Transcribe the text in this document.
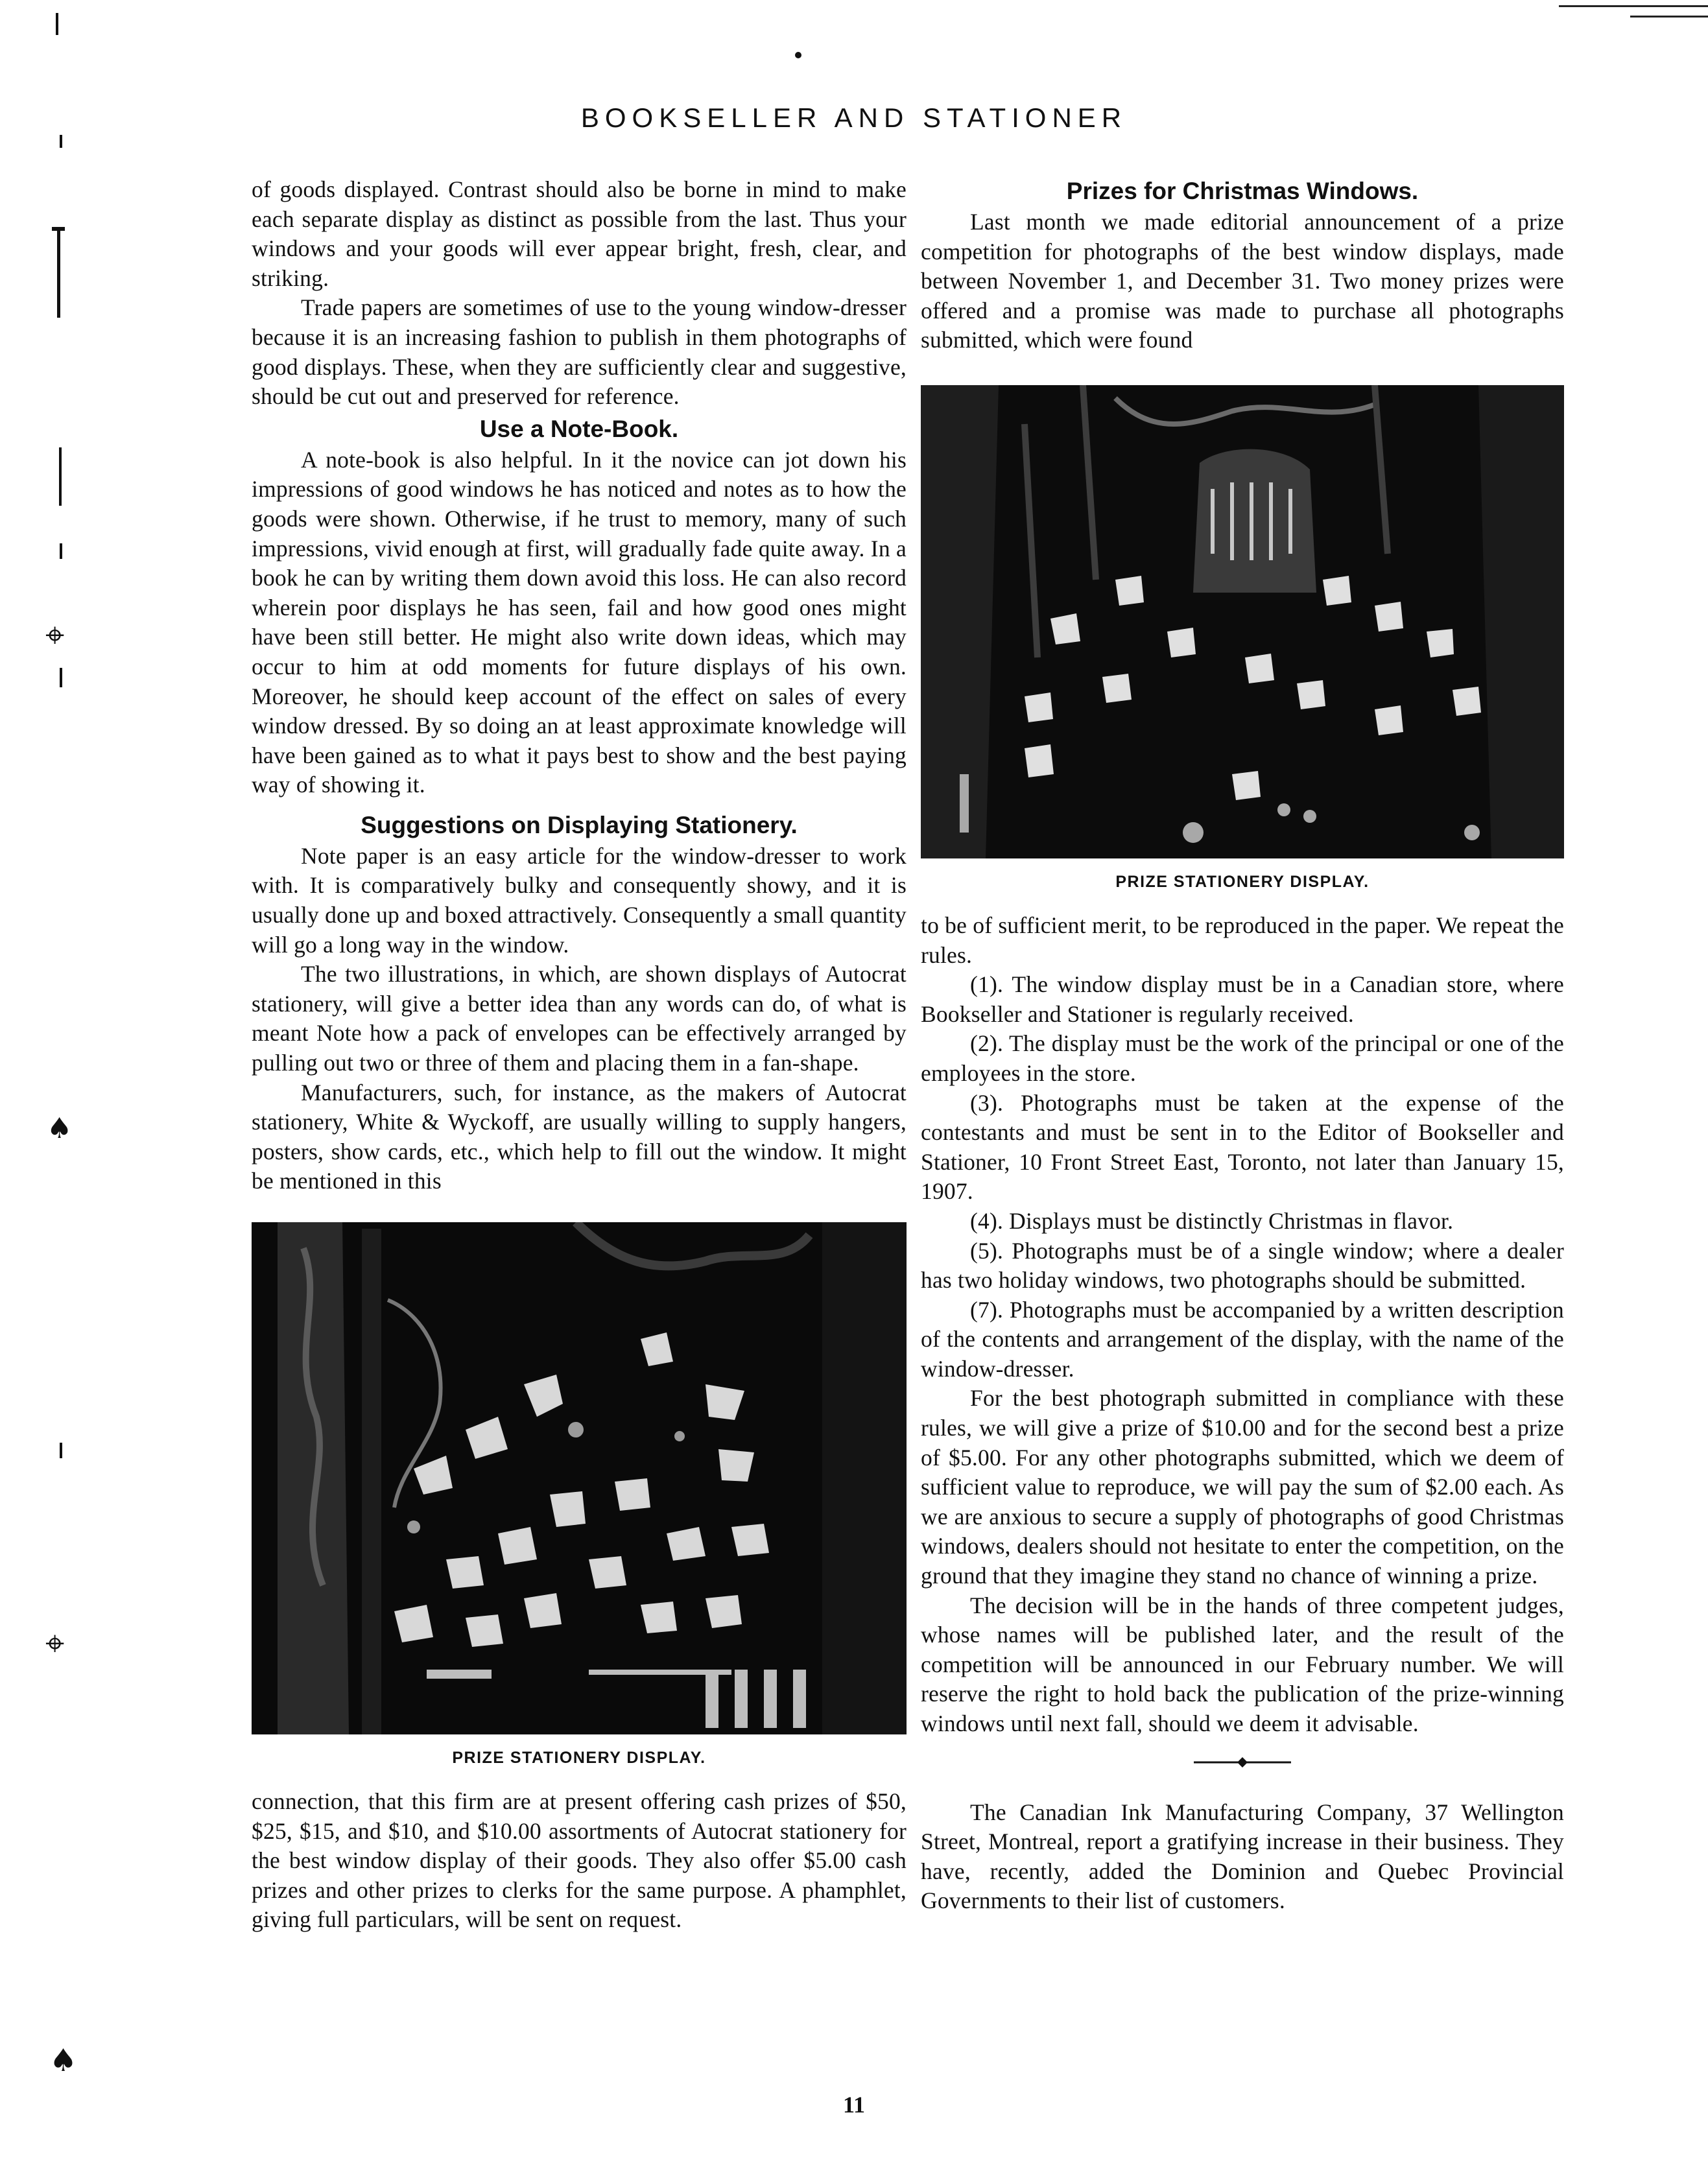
⌖
♠
⌖
♠
BOOKSELLER AND STATIONER

of goods displayed. Contrast should also be borne in mind to make each separate display as distinct as possible from the last. Thus your windows and your goods will ever appear bright, fresh, clear, and striking.

Trade papers are sometimes of use to the young window-dresser because it is an increasing fashion to publish in them photographs of good displays. These, when they are sufficiently clear and suggestive, should be cut out and preserved for reference.

Use a Note-Book.

A note-book is also helpful. In it the novice can jot down his impressions of good windows he has noticed and notes as to how the goods were shown. Otherwise, if he trust to memory, many of such impressions, vivid enough at first, will gradually fade quite away. In a book he can by writing them down avoid this loss. He can also record wherein poor displays he has seen, fail and how good ones might have been still better. He might also write down ideas, which may occur to him at odd moments for future displays of his own. Moreover, he should keep account of the effect on sales of every window dressed. By so doing an at least approximate knowledge will have been gained as to what it pays best to show and the best paying way of showing it.

Suggestions on Displaying Stationery.

Note paper is an easy article for the window-dresser to work with. It is comparatively bulky and consequently showy, and it is usually done up and boxed attractively. Consequently a small quantity will go a long way in the window.

The two illustrations, in which, are shown displays of Autocrat stationery, will give a better idea than any words can do, of what is meant Note how a pack of envelopes can be effectively arranged by pulling out two or three of them and placing them in a fan-shape.

Manufacturers, such, for instance, as the makers of Autocrat stationery, White & Wyckoff, are usually willing to supply hangers, posters, show cards, etc., which help to fill out the window. It might be mentioned in this

PRIZE STATIONERY DISPLAY.

connection, that this firm are at present offering cash prizes of $50, $25, $15, and $10, and $10.00 assortments of Autocrat stationery for the best window display of their goods. They also offer $5.00 cash prizes and other prizes to clerks for the same purpose. A phamphlet, giving full particulars, will be sent on request.

Prizes for Christmas Windows.

Last month we made editorial announcement of a prize competition for photographs of the best window displays, made between November 1, and December 31. Two money prizes were offered and a promise was made to purchase all photographs submitted, which were found

PRIZE STATIONERY DISPLAY.

to be of sufficient merit, to be reproduced in the paper. We repeat the rules.

(1). The window display must be in a Canadian store, where Bookseller and Stationer is regularly received.

(2). The display must be the work of the principal or one of the employees in the store.

(3). Photographs must be taken at the expense of the contestants and must be sent in to the Editor of Bookseller and Stationer, 10 Front Street East, Toronto, not later than January 15, 1907.

(4). Displays must be distinctly Christmas in flavor.

(5). Photographs must be of a single window; where a dealer has two holiday windows, two photographs should be submitted.

(7). Photographs must be accompanied by a written description of the contents and arrangement of the display, with the name of the window-dresser.

For the best photograph submitted in compliance with these rules, we will give a prize of $10.00 and for the second best a prize of $5.00. For any other photographs submitted, which we deem of sufficient value to reproduce, we will pay the sum of $2.00 each. As we are anxious to secure a supply of photographs of good Christmas windows, dealers should not hesitate to enter the competition, on the ground that they imagine they stand no chance of winning a prize.

The decision will be in the hands of three competent judges, whose names will be published later, and the result of the competition will be announced in our February number. We will reserve the right to hold back the publication of the prize-winning windows until next fall, should we deem it advisable.

The Canadian Ink Manufacturing Company, 37 Wellington Street, Montreal, report a gratifying increase in their business. They have, recently, added the Dominion and Quebec Provincial Governments to their list of customers.

11
